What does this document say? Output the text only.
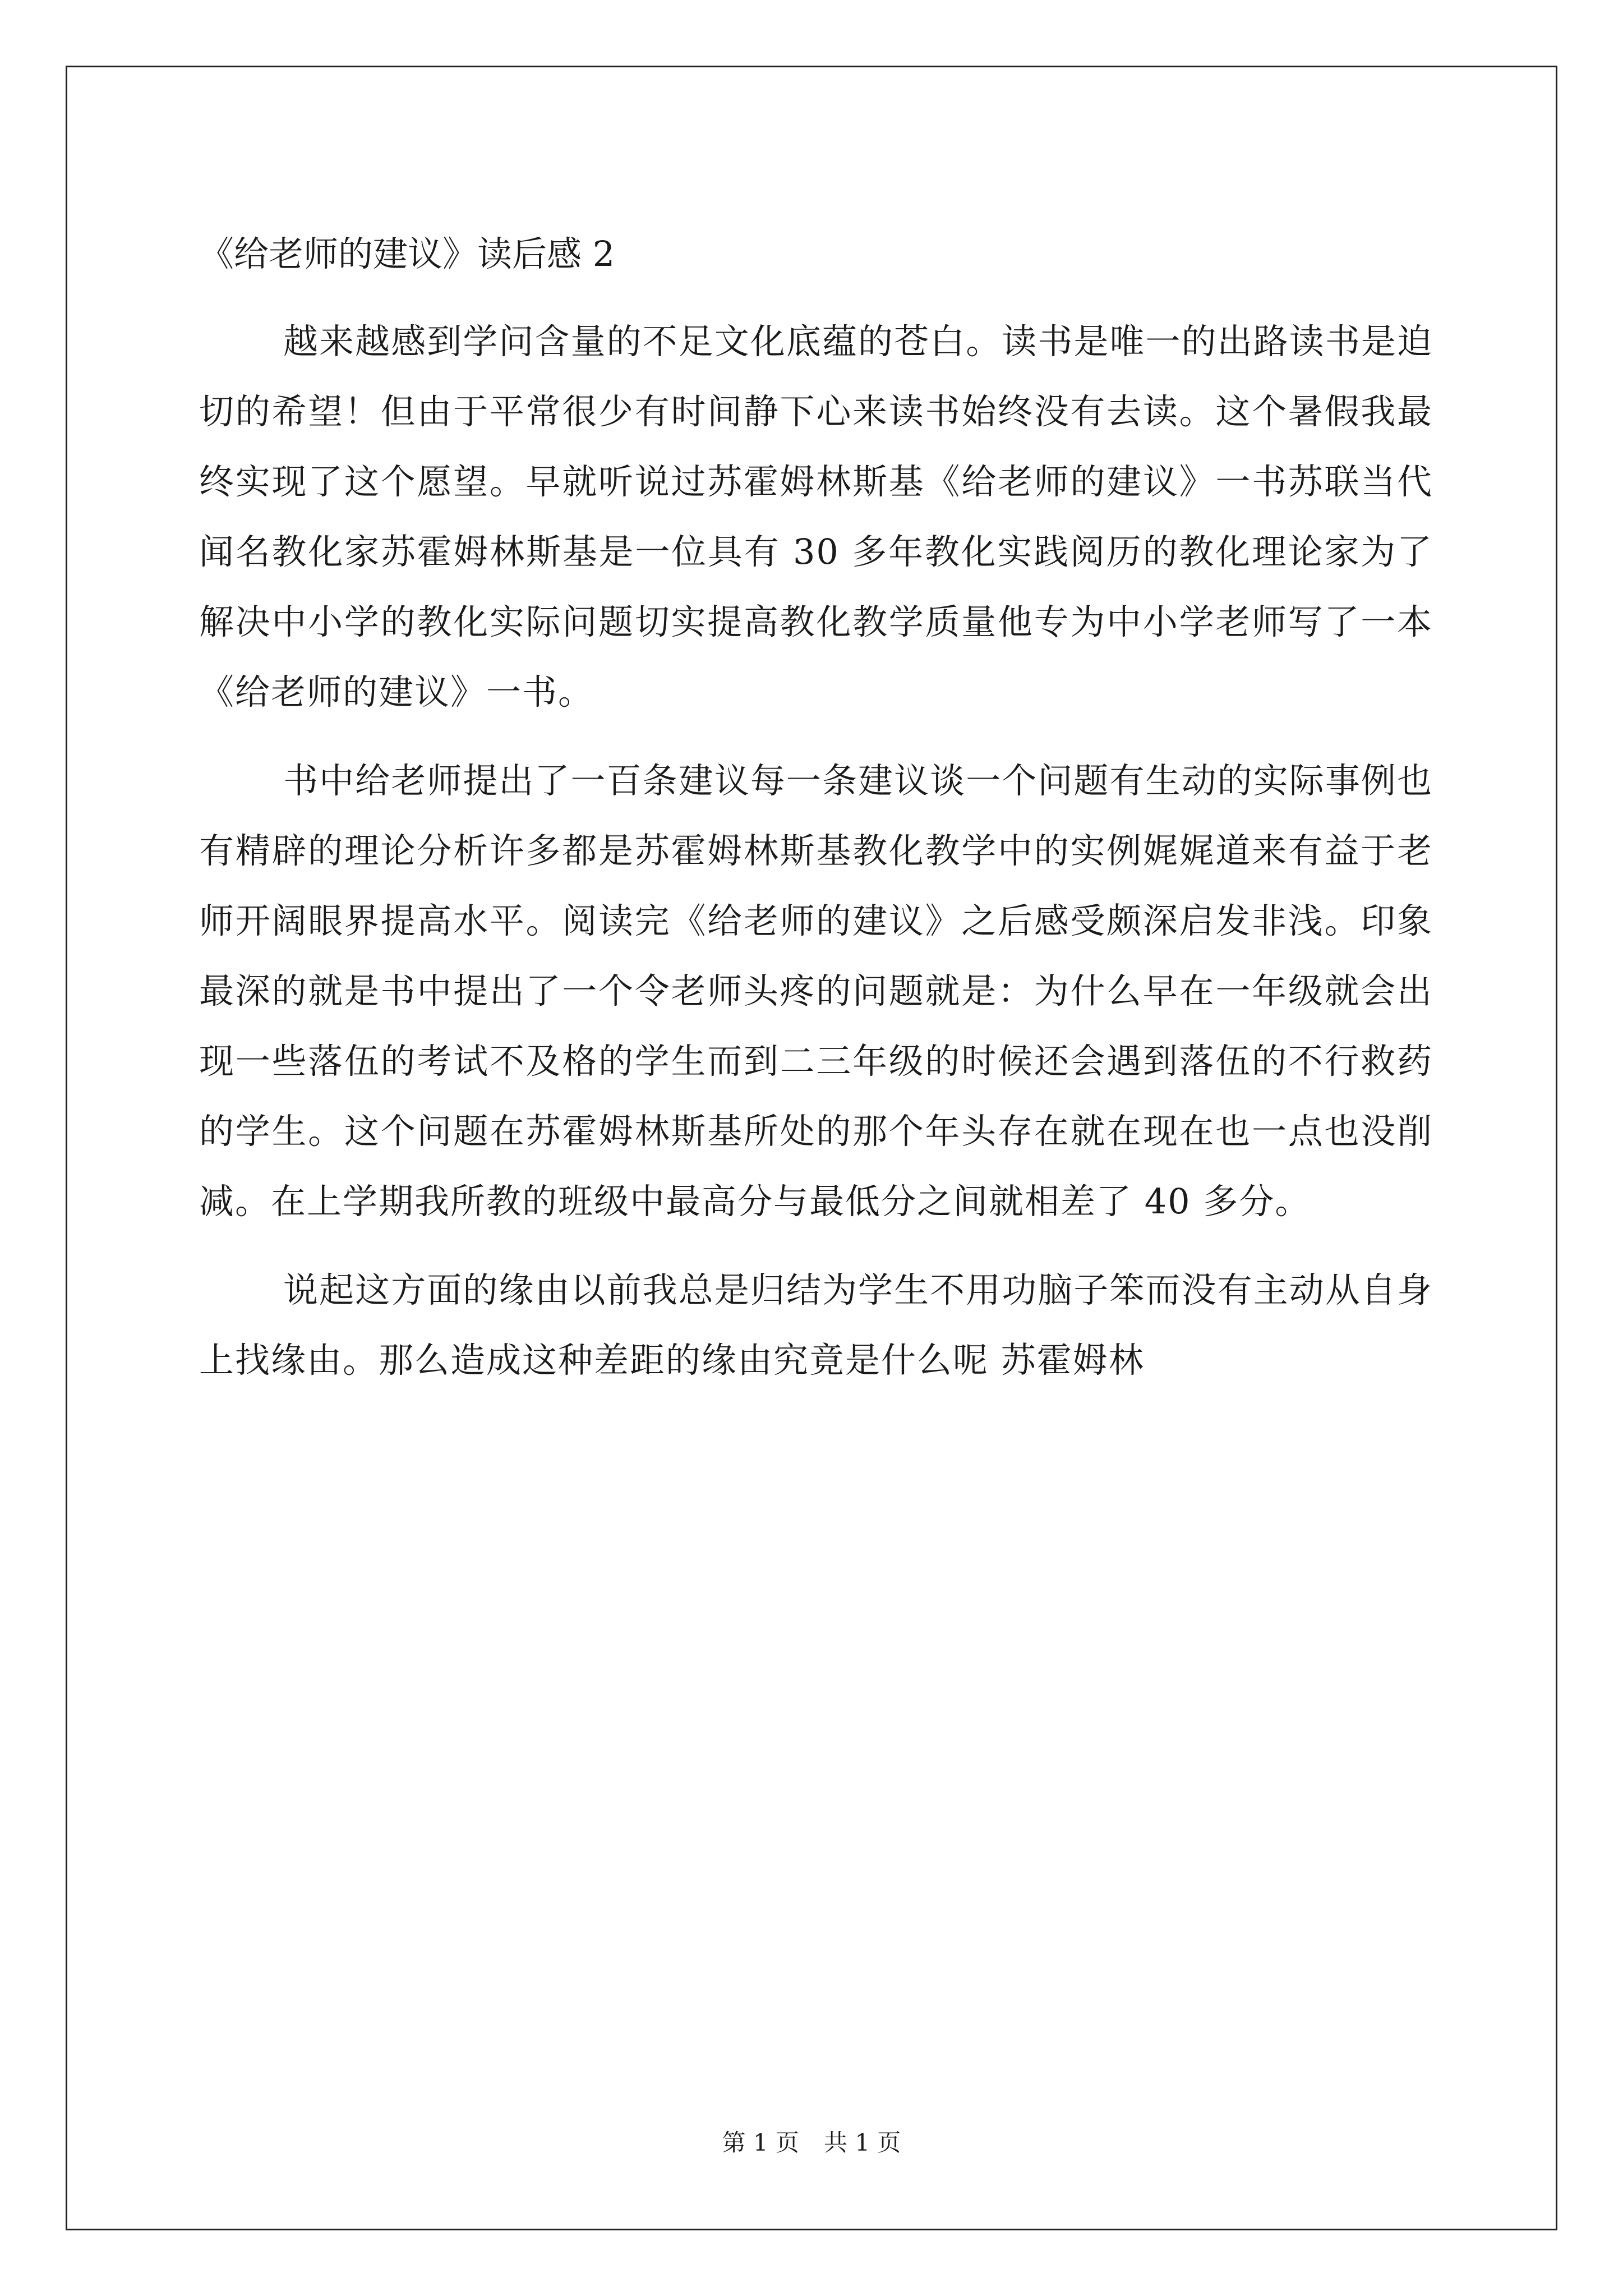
《给老师的建议》读后感 2

越来越感到学问含量的不足文化底蕴的苍白。读书是唯一的出路读书是迫切的希望！但由于平常很少有时间静下心来读书始终没有去读。这个暑假我最终实现了这个愿望。早就听说过苏霍姆林斯基《给老师的建议》一书苏联当代闻名教化家苏霍姆林斯基是一位具有 30 多年教化实践阅历的教化理论家为了解决中小学的教化实际问题切实提高教化教学质量他专为中小学老师写了一本《给老师的建议》一书。

书中给老师提出了一百条建议每一条建议谈一个问题有生动的实际事例也有精辟的理论分析许多都是苏霍姆林斯基教化教学中的实例娓娓道来有益于老师开阔眼界提高水平。阅读完《给老师的建议》之后感受颇深启发非浅。印象最深的就是书中提出了一个令老师头疼的问题就是：为什么早在一年级就会出现一些落伍的考试不及格的学生而到二三年级的时候还会遇到落伍的不行救药的学生。这个问题在苏霍姆林斯基所处的那个年头存在就在现在也一点也没削减。在上学期我所教的班级中最高分与最低分之间就相差了 40 多分。

说起这方面的缘由以前我总是归结为学生不用功脑子笨而没有主动从自身上找缘由。那么造成这种差距的缘由究竟是什么呢 苏霍姆林

第 1 页 共 1 页
